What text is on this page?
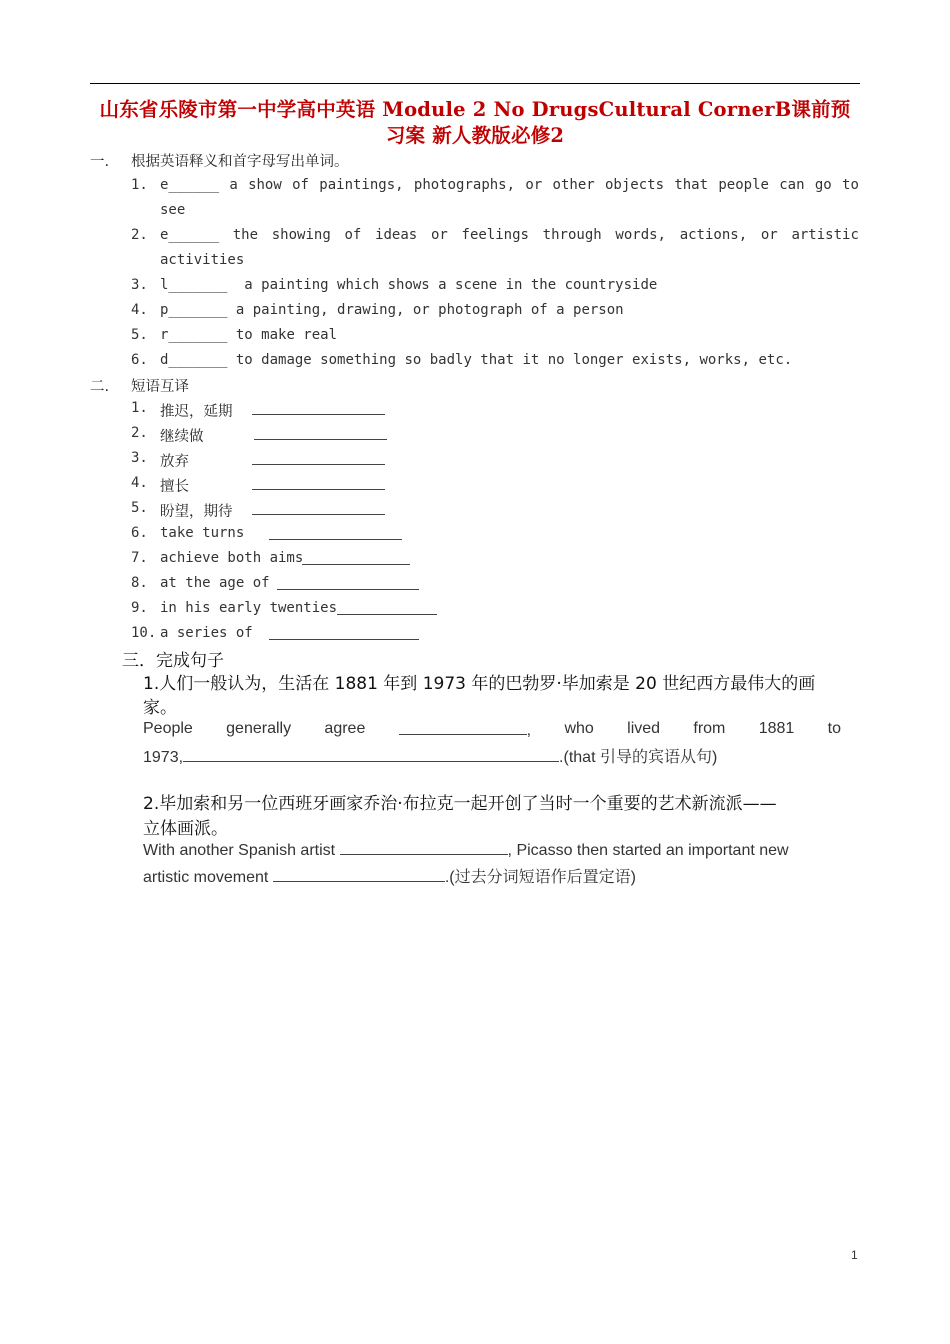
山东省乐陵市第一中学高中英语 Module 2 No DrugsCultural CornerB课前预
习案 新人教版必修2
一. 根据英语释义和首字母写出单词。
1. e______ a show of paintings, photographs, or other objects that people can go to
see
2. e______ the showing of ideas or feelings through words, actions, or artistic
activities
3. l_______ a painting which shows a scene in the countryside
4. p_______ a painting, drawing, or photograph of a person
5. r_______ to make real
6. d_______ to damage something so badly that it no longer exists, works, etc.
二. 短语互译
1. 推迟，延期
2. 继续做
3. 放弃
4. 擅长
5. 盼望，期待
6. take turns
7. achieve both aims
8. at the age of
9. in his early twenties
10. a series of
三．完成句子
1.人们一般认为，生活在 1881 年到 1973 年的巴勃罗·毕加索是 20 世纪西方最伟大的画
家。
People generally agree	, who lived from 1881 to
1973,	.(that 引导的宾语从句)
2.毕加索和另一位西班牙画家乔治·布拉克一起开创了当时一个重要的艺术新流派——
立体画派。
With another Spanish artist	, Picasso then started an important new
artistic movement	.(过去分词短语作后置定语)
1
